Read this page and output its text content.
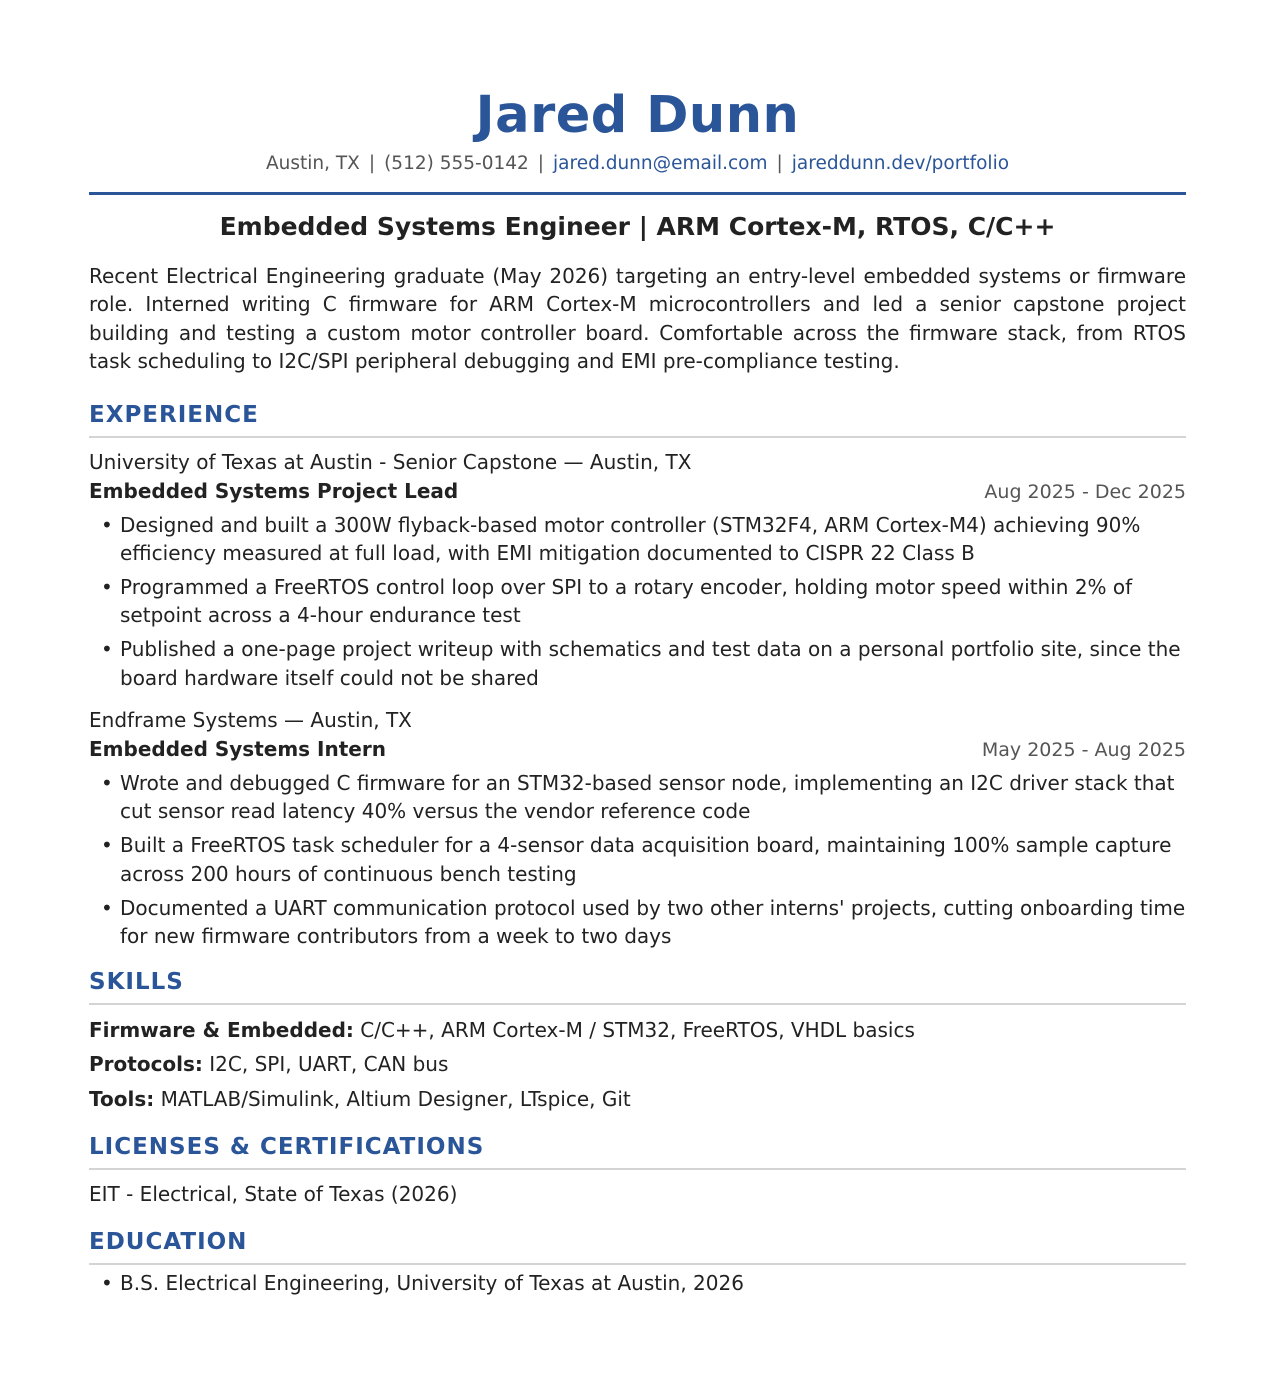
Jared Dunn
Austin, TX | (512) 555-0142 | jared.dunn@email.com | jareddunn.dev/portfolio
Embedded Systems Engineer | ARM Cortex-M, RTOS, C/C++
Recent Electrical Engineering graduate (May 2026) targeting an entry-level embedded systems or firmware role. Interned writing C firmware for ARM Cortex-M microcontrollers and led a senior capstone project building and testing a custom motor controller board. Comfortable across the firmware stack, from RTOS task scheduling to I2C/SPI peripheral debugging and EMI pre-compliance testing.
EXPERIENCE
University of Texas at Austin - Senior Capstone — Austin, TX
Embedded Systems Project Lead	Aug 2025 - Dec 2025
• Designed and built a 300W flyback-based motor controller (STM32F4, ARM Cortex-M4) achieving 90% efficiency measured at full load, with EMI mitigation documented to CISPR 22 Class B
• Programmed a FreeRTOS control loop over SPI to a rotary encoder, holding motor speed within 2% of setpoint across a 4-hour endurance test
• Published a one-page project writeup with schematics and test data on a personal portfolio site, since the board hardware itself could not be shared
Endframe Systems — Austin, TX
Embedded Systems Intern	May 2025 - Aug 2025
• Wrote and debugged C firmware for an STM32-based sensor node, implementing an I2C driver stack that cut sensor read latency 40% versus the vendor reference code
• Built a FreeRTOS task scheduler for a 4-sensor data acquisition board, maintaining 100% sample capture across 200 hours of continuous bench testing
• Documented a UART communication protocol used by two other interns' projects, cutting onboarding time for new firmware contributors from a week to two days
SKILLS
Firmware & Embedded: C/C++, ARM Cortex-M / STM32, FreeRTOS, VHDL basics
Protocols: I2C, SPI, UART, CAN bus
Tools: MATLAB/Simulink, Altium Designer, LTspice, Git
LICENSES & CERTIFICATIONS
EIT - Electrical, State of Texas (2026)
EDUCATION
• B.S. Electrical Engineering, University of Texas at Austin, 2026
